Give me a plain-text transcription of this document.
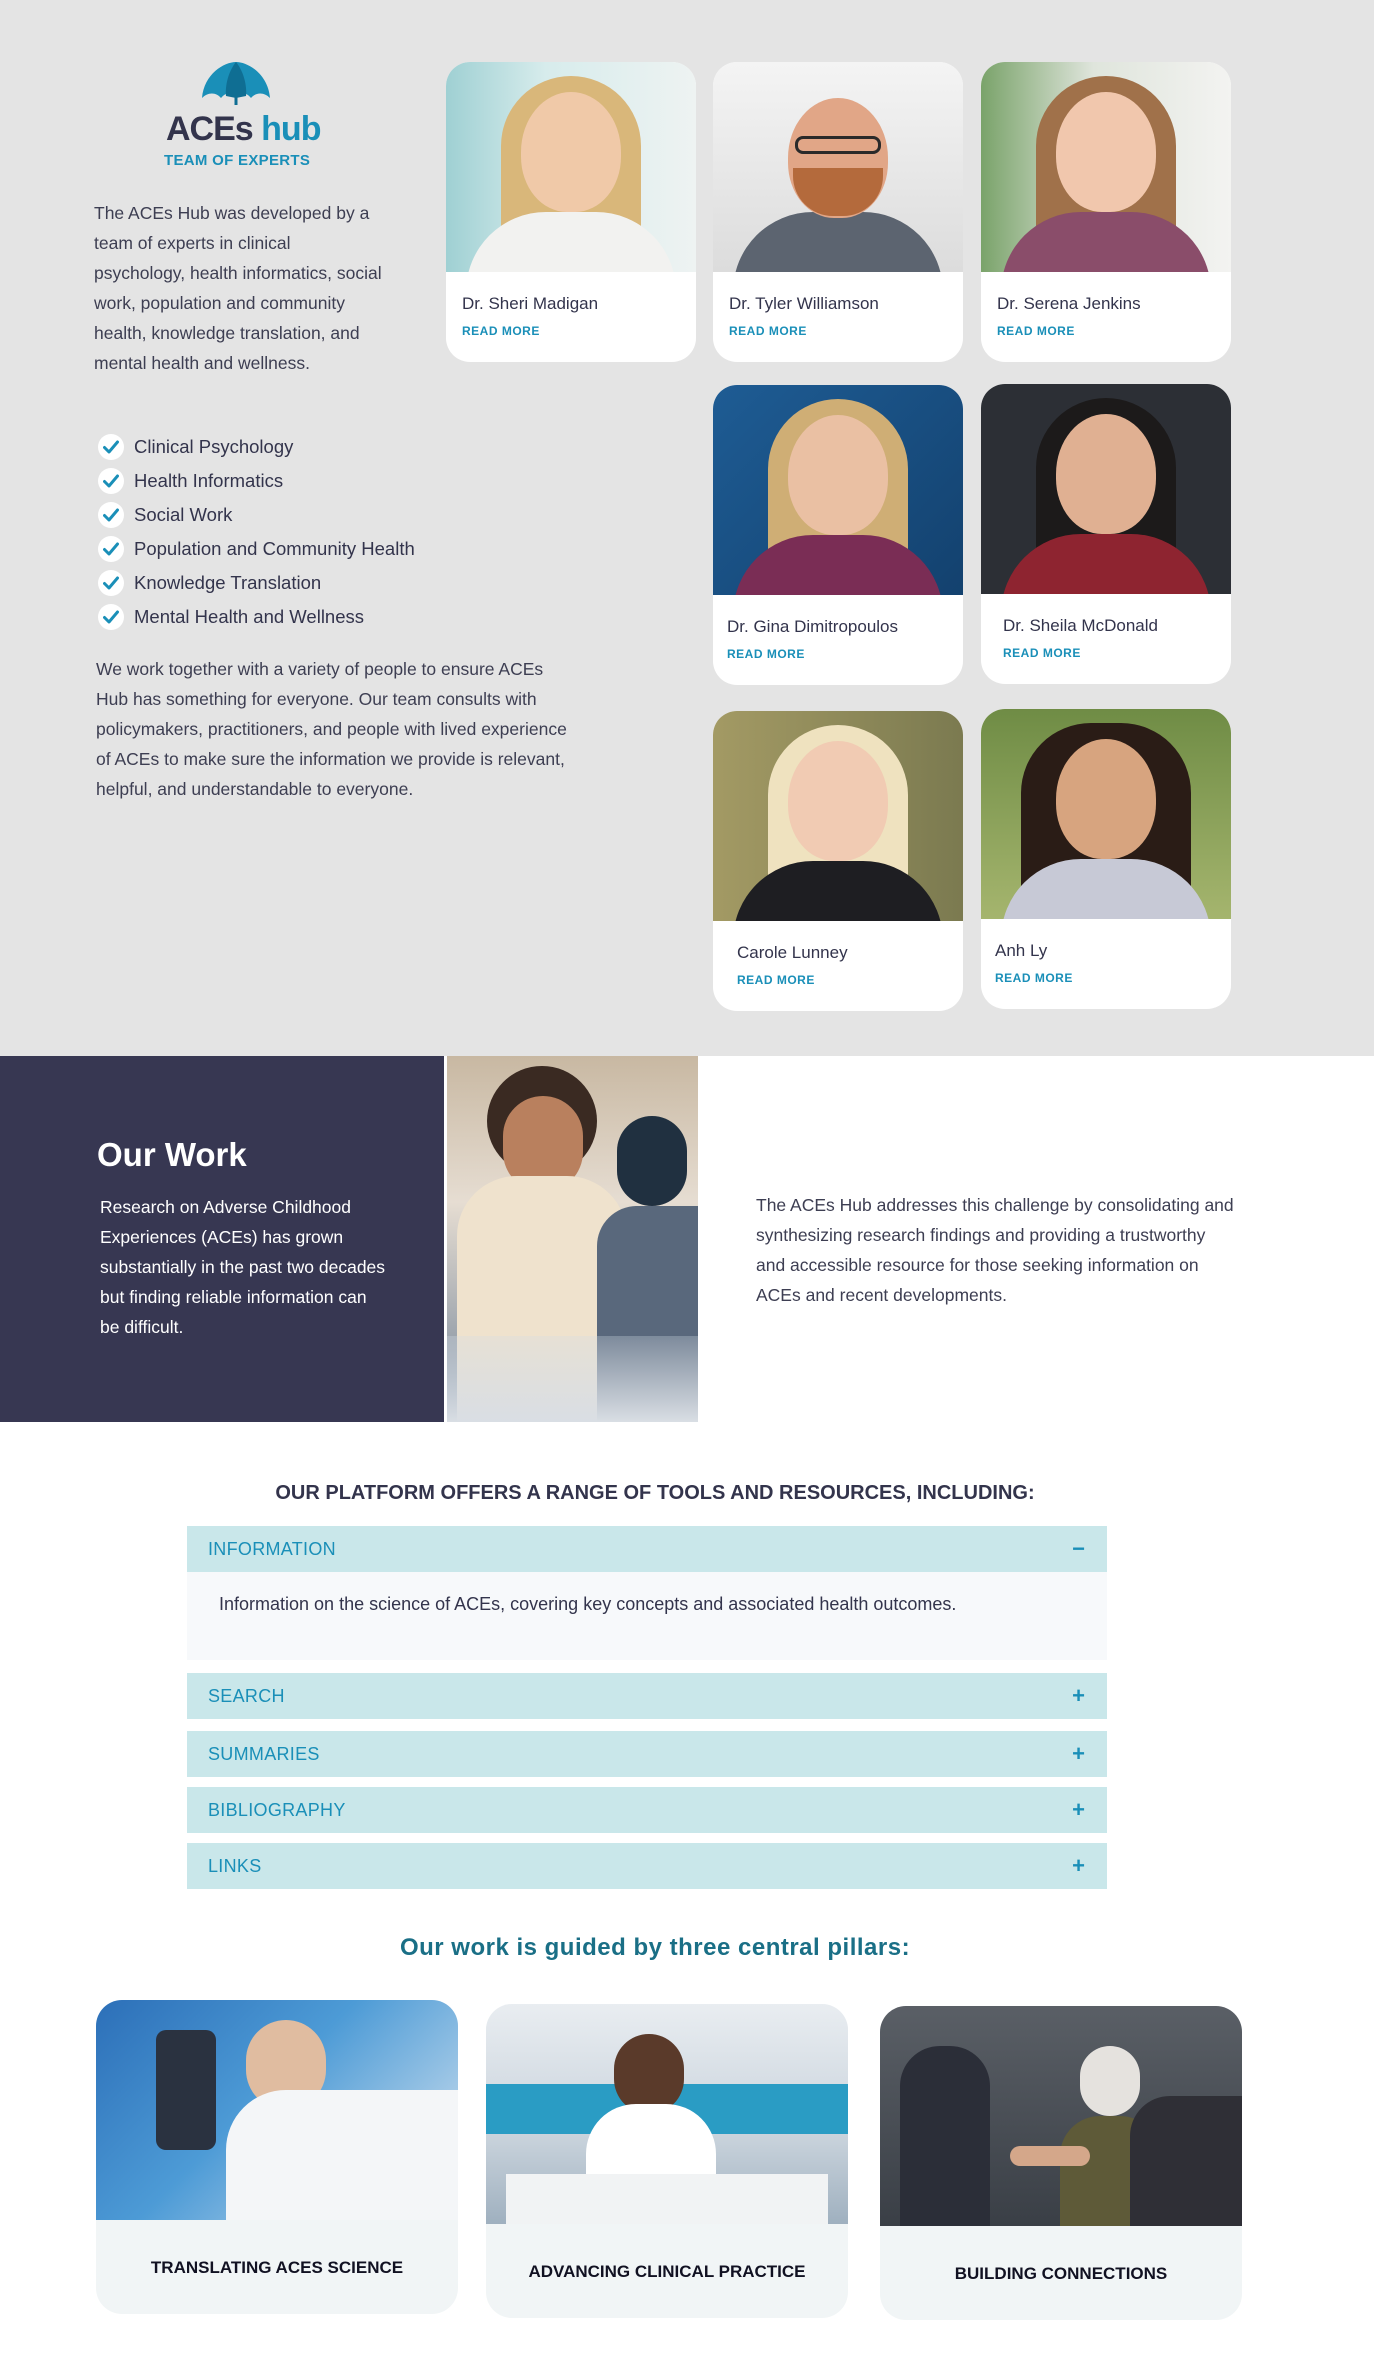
ACEs hub
TEAM OF EXPERTS

The ACEs Hub was developed by a team of experts in clinical psychology, health informatics, social work, population and community health, knowledge translation, and mental health and wellness.

Clinical Psychology
Health Informatics
Social Work
Population and Community Health
Knowledge Translation
Mental Health and Wellness

We work together with a variety of people to ensure ACEs Hub has something for everyone. Our team consults with policymakers, practitioners, and people with lived experience of ACEs to make sure the information we provide is relevant, helpful, and understandable to everyone.

Dr. Sheri Madigan
READ MORE
Dr. Tyler Williamson
READ MORE
Dr. Serena Jenkins
READ MORE
Dr. Gina Dimitropoulos
READ MORE
Dr. Sheila McDonald
READ MORE
Carole Lunney
READ MORE
Anh Ly
READ MORE
Our Work

Research on Adverse Childhood Experiences (ACEs) has grown substantially in the past two decades but finding reliable information can be difficult.

The ACEs Hub addresses this challenge by consolidating and synthesizing research findings and providing a trustworthy and accessible resource for those seeking information on ACEs and recent developments.

OUR PLATFORM OFFERS A RANGE OF TOOLS AND RESOURCES, INCLUDING:
INFORMATION	−

Information on the science of ACEs, covering key concepts and associated health outcomes.

SEARCH	+
SUMMARIES	+
BIBLIOGRAPHY	+
LINKS	+
Our work is guided by three central pillars:
TRANSLATING ACES SCIENCE	ADVANCING CLINICAL PRACTICE	BUILDING CONNECTIONS
